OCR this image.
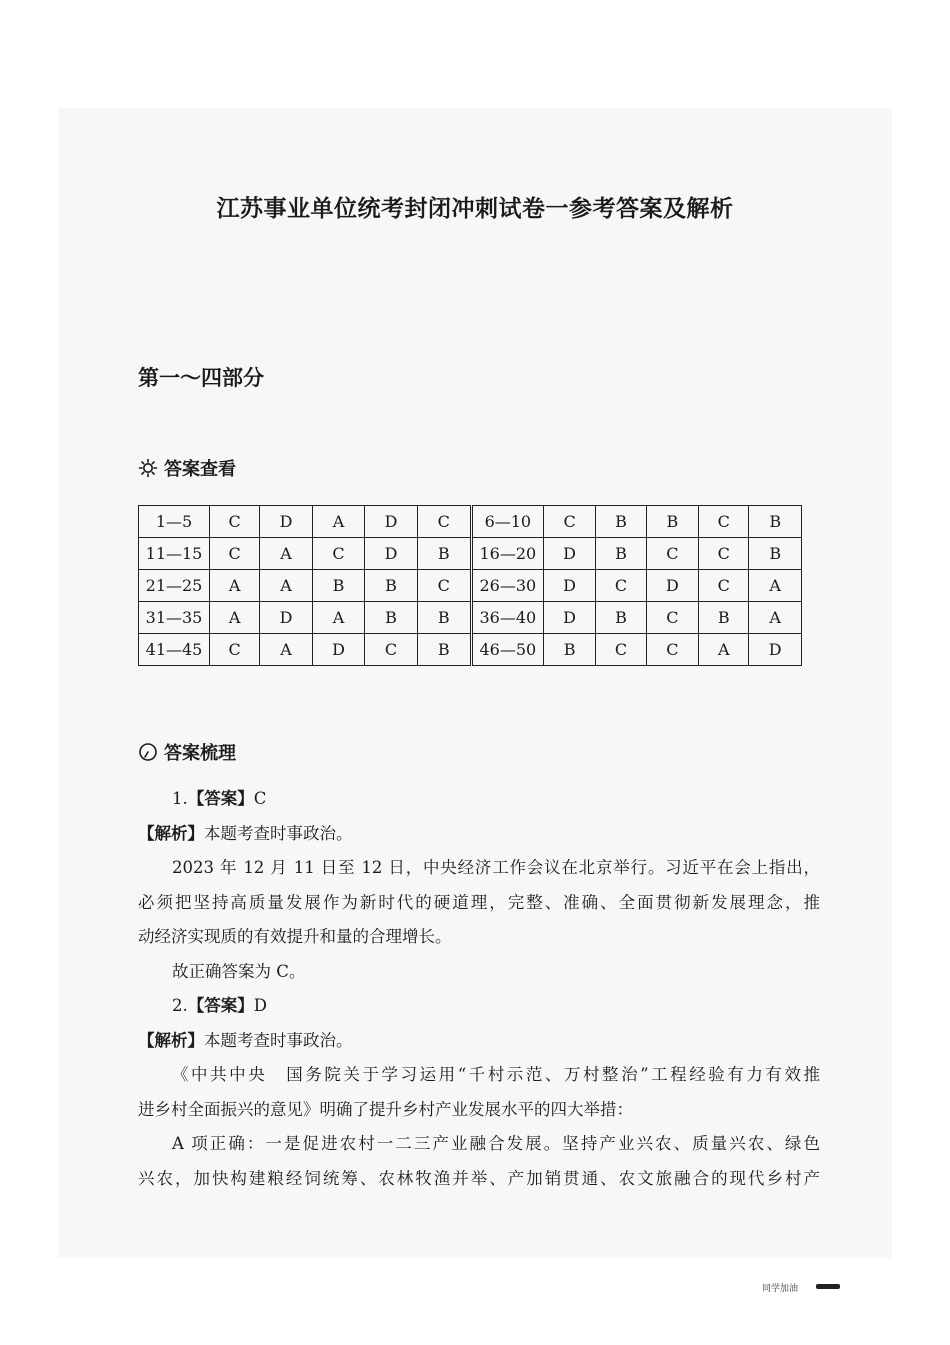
江苏事业单位统考封闭冲刺试卷一参考答案及解析
第一～四部分
答案查看
1—5	C	D	A	D	C	6—10	C	B	B	C	B
11—15	C	A	C	D	B	16—20	D	B	C	C	B
21—25	A	A	B	B	C	26—30	D	C	D	C	A
31—35	A	D	A	B	B	36—40	D	B	C	B	A
41—45	C	A	D	C	B	46—50	B	C	C	A	D
答案梳理

1.【答案】C

【解析】本题考查时事政治。

2023 年 12 月 11 日至 12 日，中央经济工作会议在北京举行。习近平在会上指出，

必须把坚持高质量发展作为新时代的硬道理，完整、准确、全面贯彻新发展理念，推

动经济实现质的有效提升和量的合理增长。

故正确答案为 C。

2.【答案】D

【解析】本题考查时事政治。

《中共中央　国务院关于学习运用“千村示范、万村整治”工程经验有力有效推

进乡村全面振兴的意见》明确了提升乡村产业发展水平的四大举措：

A 项正确：一是促进农村一二三产业融合发展。坚持产业兴农、质量兴农、绿色

兴农，加快构建粮经饲统筹、农林牧渔并举、产加销贯通、农文旅融合的现代乡村产

同学加油
